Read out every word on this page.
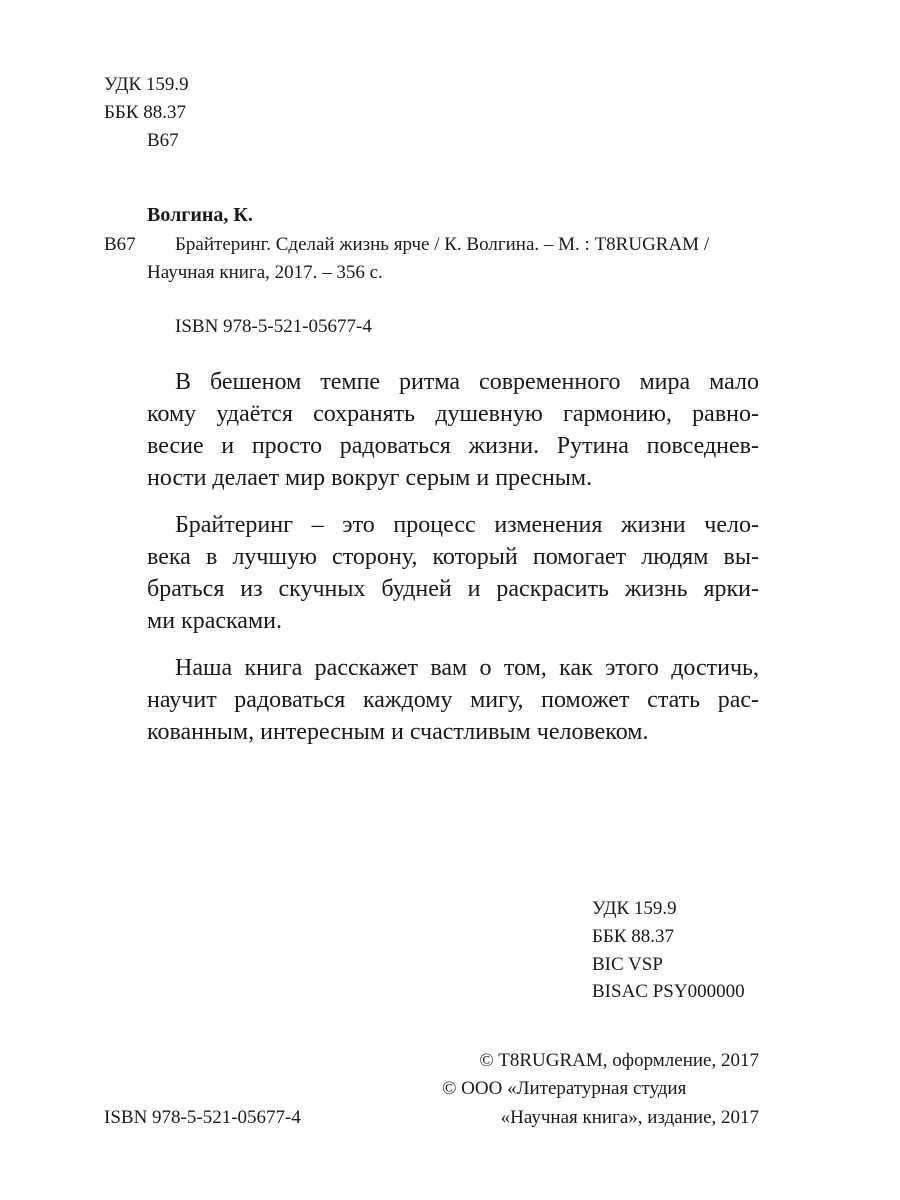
УДК 159.9
ББК 88.37
В67
Волгина, К.
В67 Брайтеринг. Сделай жизнь ярче / К. Волгина. – М. : T8RUGRAM /
Научная книга, 2017. – 356 с.
ISBN 978-5-521-05677-4
В бешеном темпе ритма современного мира мало
кому удаётся сохранять душевную гармонию, равно-
весие и просто радоваться жизни. Рутина повседнев-
ности делает мир вокруг серым и пресным.
Брайтеринг – это процесс изменения жизни чело-
века в лучшую сторону, который помогает людям вы-
браться из скучных будней и раскрасить жизнь ярки-
ми красками.
Наша книга расскажет вам о том, как этого достичь,
научит радоваться каждому мигу, поможет стать рас-
кованным, интересным и счастливым человеком.
УДК 159.9
ББК 88.37
BIC VSP
BISAC PSY000000
© T8RUGRAM, оформление, 2017
© ООО «Литературная студия
«Научная книга», издание, 2017
ISBN 978-5-521-05677-4
